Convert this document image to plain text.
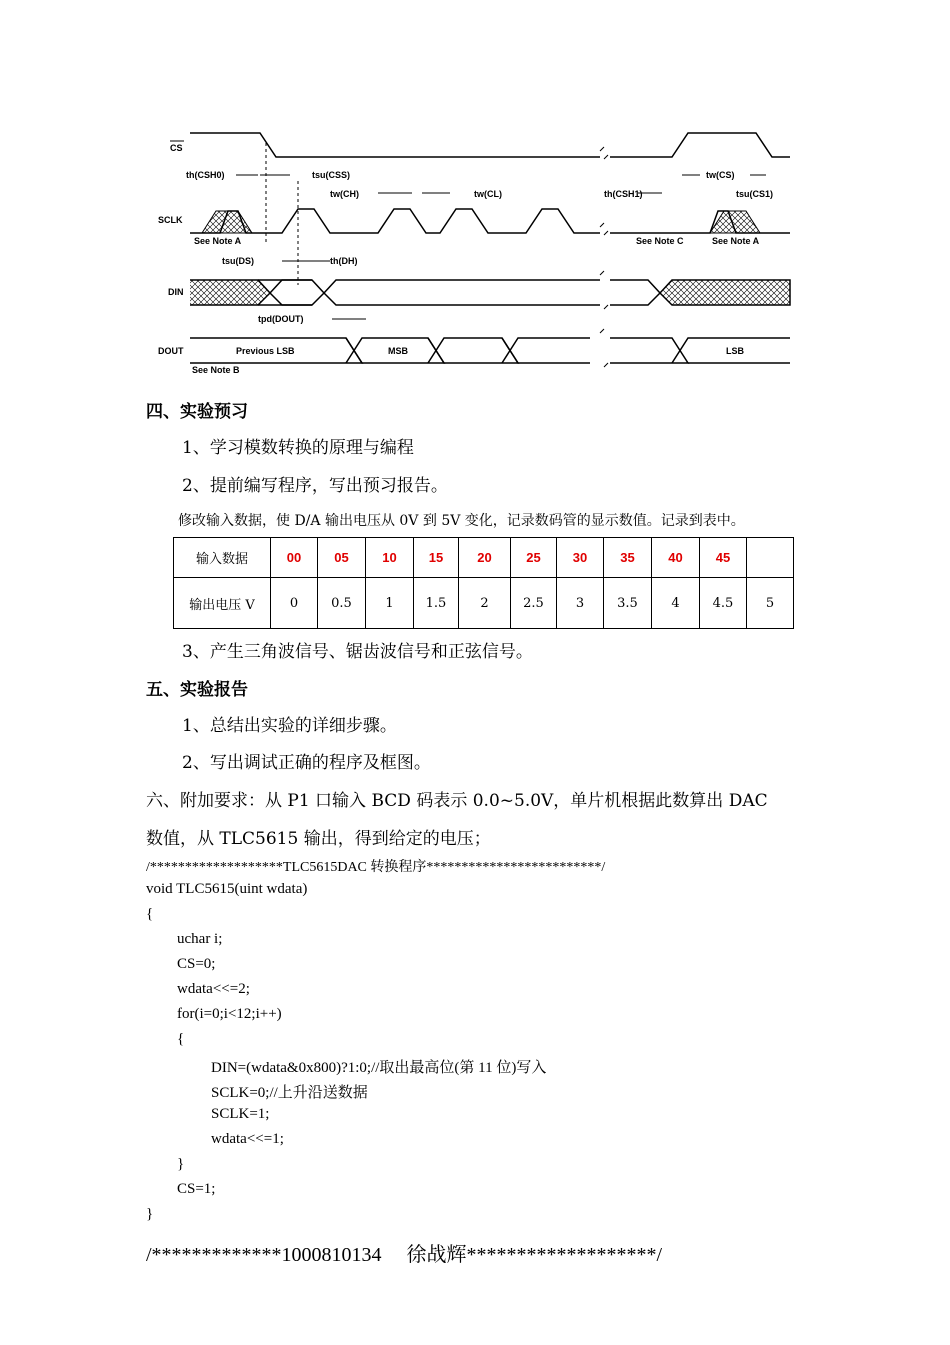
CS
SCLK
DIN
DOUT
th(CSH0)	tsu(CSS)
tw(CH)	tw(CL)	th(CSH1)
tw(CS)
tsu(CS1)
tsu(DS)	th(DH)
tpd(DOUT)
See Note A	See Note C	See Note A
See Note B
Previous LSB	MSB	LSB
四、实验预习
1、学习模数转换的原理与编程
2、提前编写程序，写出预习报告。
修改输入数据，使 D/A 输出电压从 0V 到 5V 变化，记录数码管的显示数值。记录到表中。
输入数据	00	05	10	15	20	25	30	35	40	45	
输出电压 V	0	0.5	1	1.5	2	2.5	3	3.5	4	4.5	5
3、产生三角波信号、锯齿波信号和正弦信号。
五、实验报告
1、总结出实验的详细步骤。
2、写出调试正确的程序及框图。
六、附加要求：从 P1 口输入 BCD 码表示 0.0~5.0V，单片机根据此数算出 DAC
数值，从 TLC5615 输出，得到给定的电压；
/*******************TLC5615DAC 转换程序*************************/
void TLC5615(uint wdata)
{
uchar i;
CS=0;
wdata<<=2;
for(i=0;i<12;i++)
{
DIN=(wdata&0x800)?1:0;//取出最高位(第 11 位)写入
SCLK=0;//上升沿送数据
SCLK=1;
wdata<<=1;
}
CS=1;
}
/*************1000810134     徐战辉*******************/
